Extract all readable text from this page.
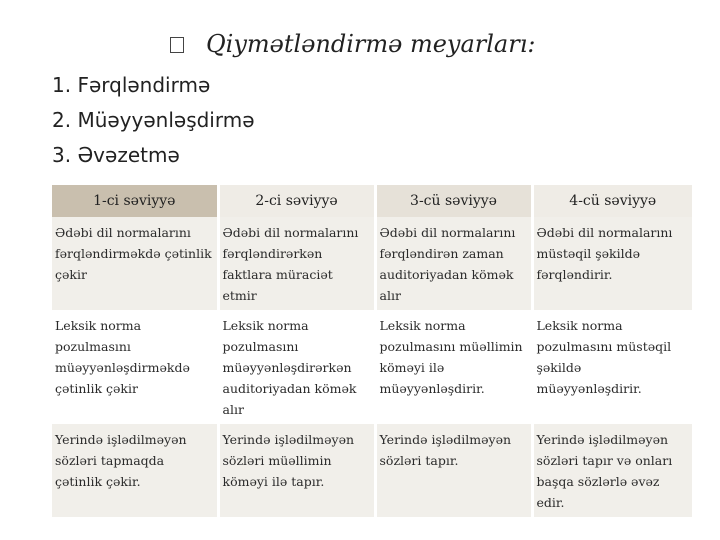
Qiymətləndirmə meyarları:
1. Fərqləndirmə
2. Müəyyənləşdirmə
3. Əvəzetmə
1-ci səviyyə	2-ci səviyyə	3-cü səviyyə	4-cü səviyyə
Ədəbi dil normalarını fərqləndirməkdə çətinlik çəkir	Ədəbi dil normalarını fərqləndirərkən faktlara müraciət etmir	Ədəbi dil normalarını fərqləndirən zaman auditoriyadan kömək alır	Ədəbi dil normalarını müstəqil şəkildə fərqləndirir.
Leksik norma pozulmasını müəyyənləşdirməkdə çətinlik çəkir	Leksik norma pozulmasını müəyyənləşdirərkən auditoriyadan kömək alır	Leksik norma pozulmasını müəllimin köməyi ilə müəyyənləşdirir.	Leksik norma pozulmasını müstəqil şəkildə müəyyənləşdirir.
Yerində işlədilməyən sözləri tapmaqda çətinlik çəkir.	Yerində işlədilməyən sözləri müəllimin köməyi ilə tapır.	Yerində işlədilməyən sözləri tapır.	Yerində işlədilməyən sözləri tapır və onları başqa sözlərlə əvəz edir.
